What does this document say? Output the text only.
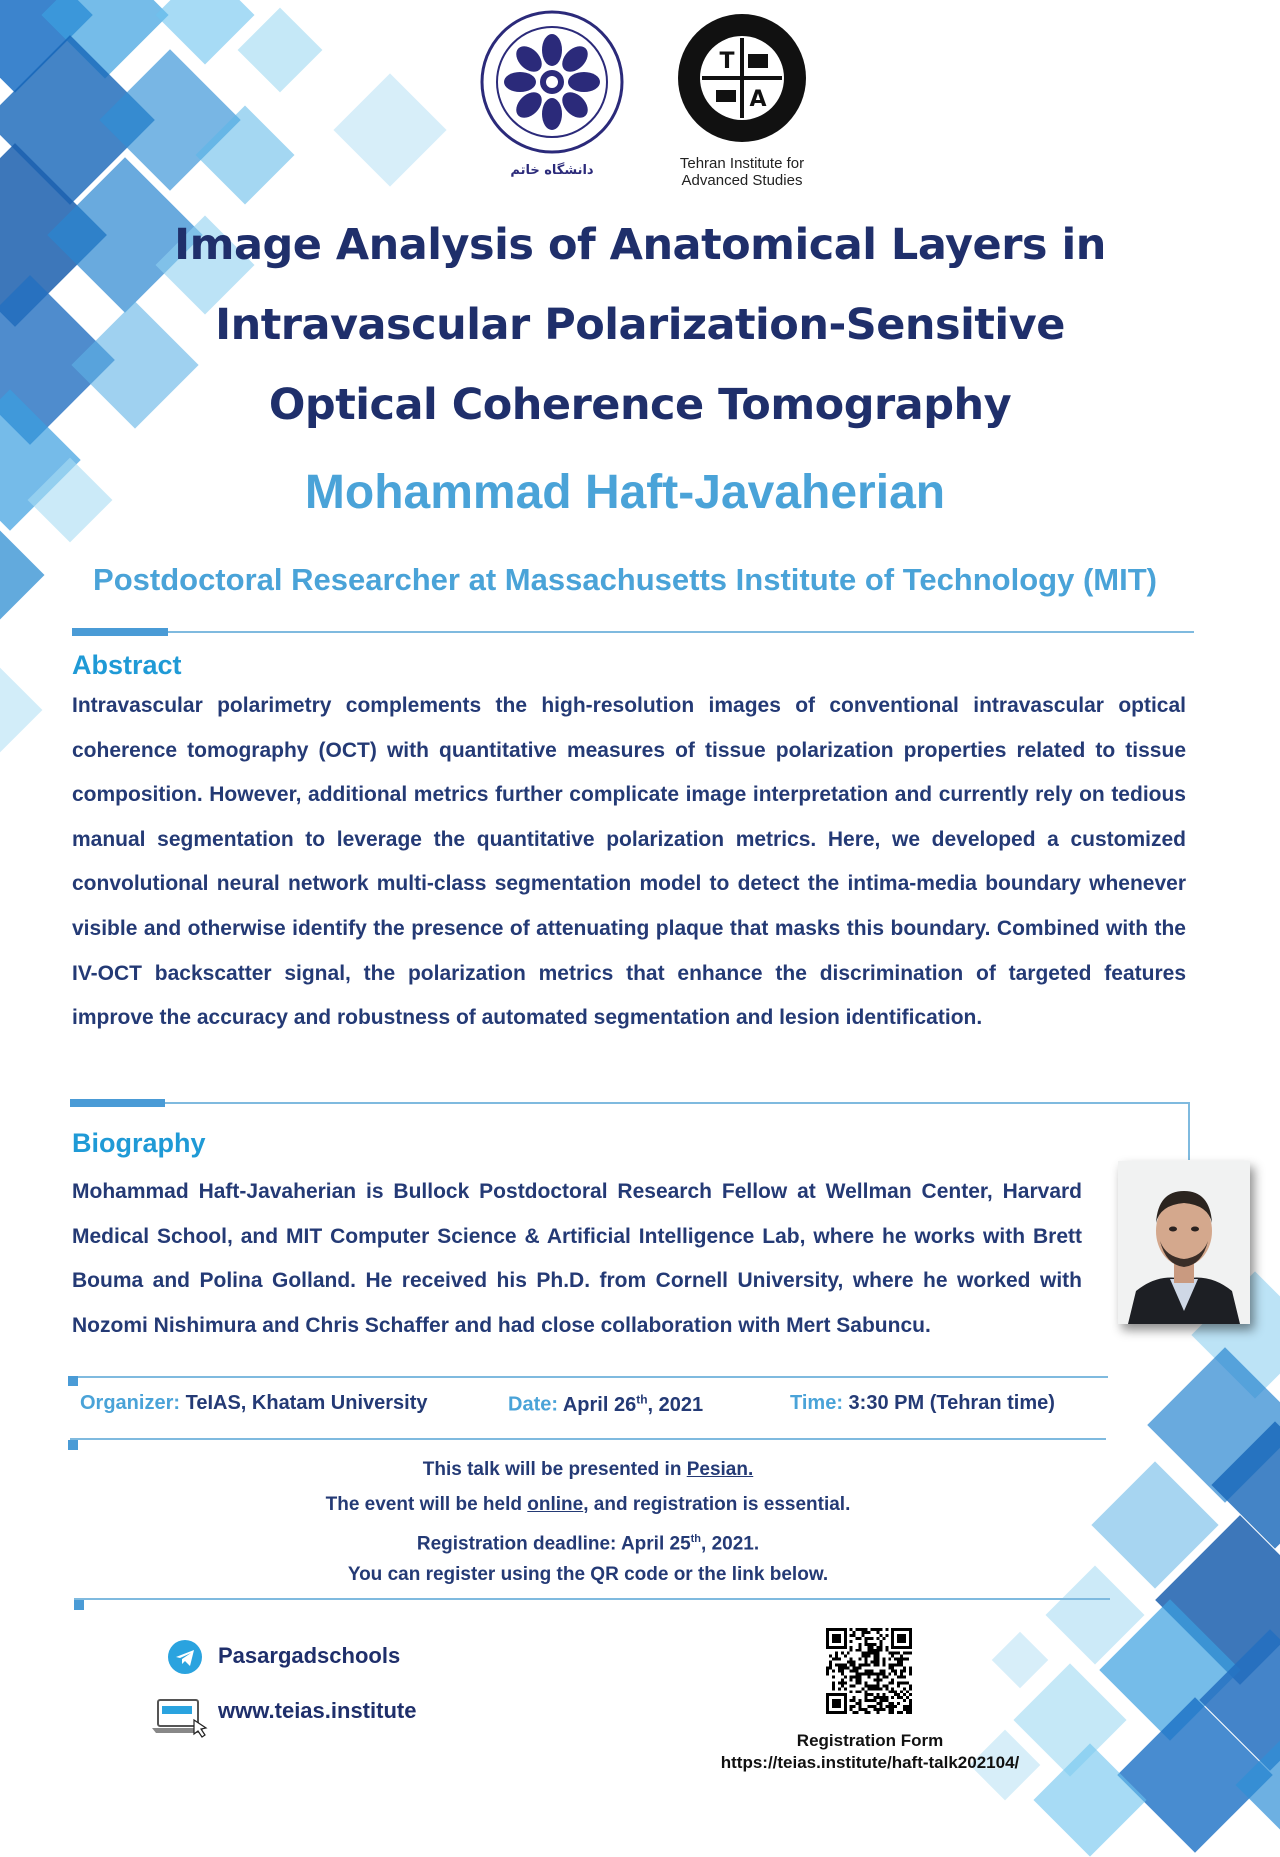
دانشگاه خاتم
T
A
Tehran Institute for
Advanced Studies
Image Analysis of Anatomical Layers in
Intravascular Polarization-Sensitive
Optical Coherence Tomography
Mohammad Haft-Javaherian
Postdoctoral Researcher at Massachusetts Institute of Technology (MIT)
Abstract
Intravascular polarimetry complements the high-resolution images of conventional intravascular optical coherence tomography (OCT) with quantitative measures of tissue polarization properties related to tissue composition. However, additional metrics further complicate image interpretation and currently rely on tedious manual segmentation to leverage the quantitative polarization metrics. Here, we developed a customized convolutional neural network multi-class segmentation model to detect the intima-media boundary whenever visible and otherwise identify the presence of attenuating plaque that masks this boundary. Combined with the IV-OCT backscatter signal, the polarization metrics that enhance the discrimination of targeted features improve the accuracy and robustness of automated segmentation and lesion identification.
Biography
Mohammad Haft-Javaherian is Bullock Postdoctoral Research Fellow at Wellman Center, Harvard Medical School, and MIT Computer Science & Artificial Intelligence Lab, where he works with Brett Bouma and Polina Golland. He received his Ph.D. from Cornell University, where he worked with Nozomi Nishimura and Chris Schaffer and had close collaboration with Mert Sabuncu.
Organizer: TeIAS, Khatam University	Date: April 26th, 2021	Time: 3:30 PM (Tehran time)
This talk will be presented in Pesian.
The event will be held online, and registration is essential.
Registration deadline: April 25th, 2021.
You can register using the QR code or the link below.
Pasargadschools
www.teias.institute
Registration Form
https://teias.institute/haft-talk202104/
